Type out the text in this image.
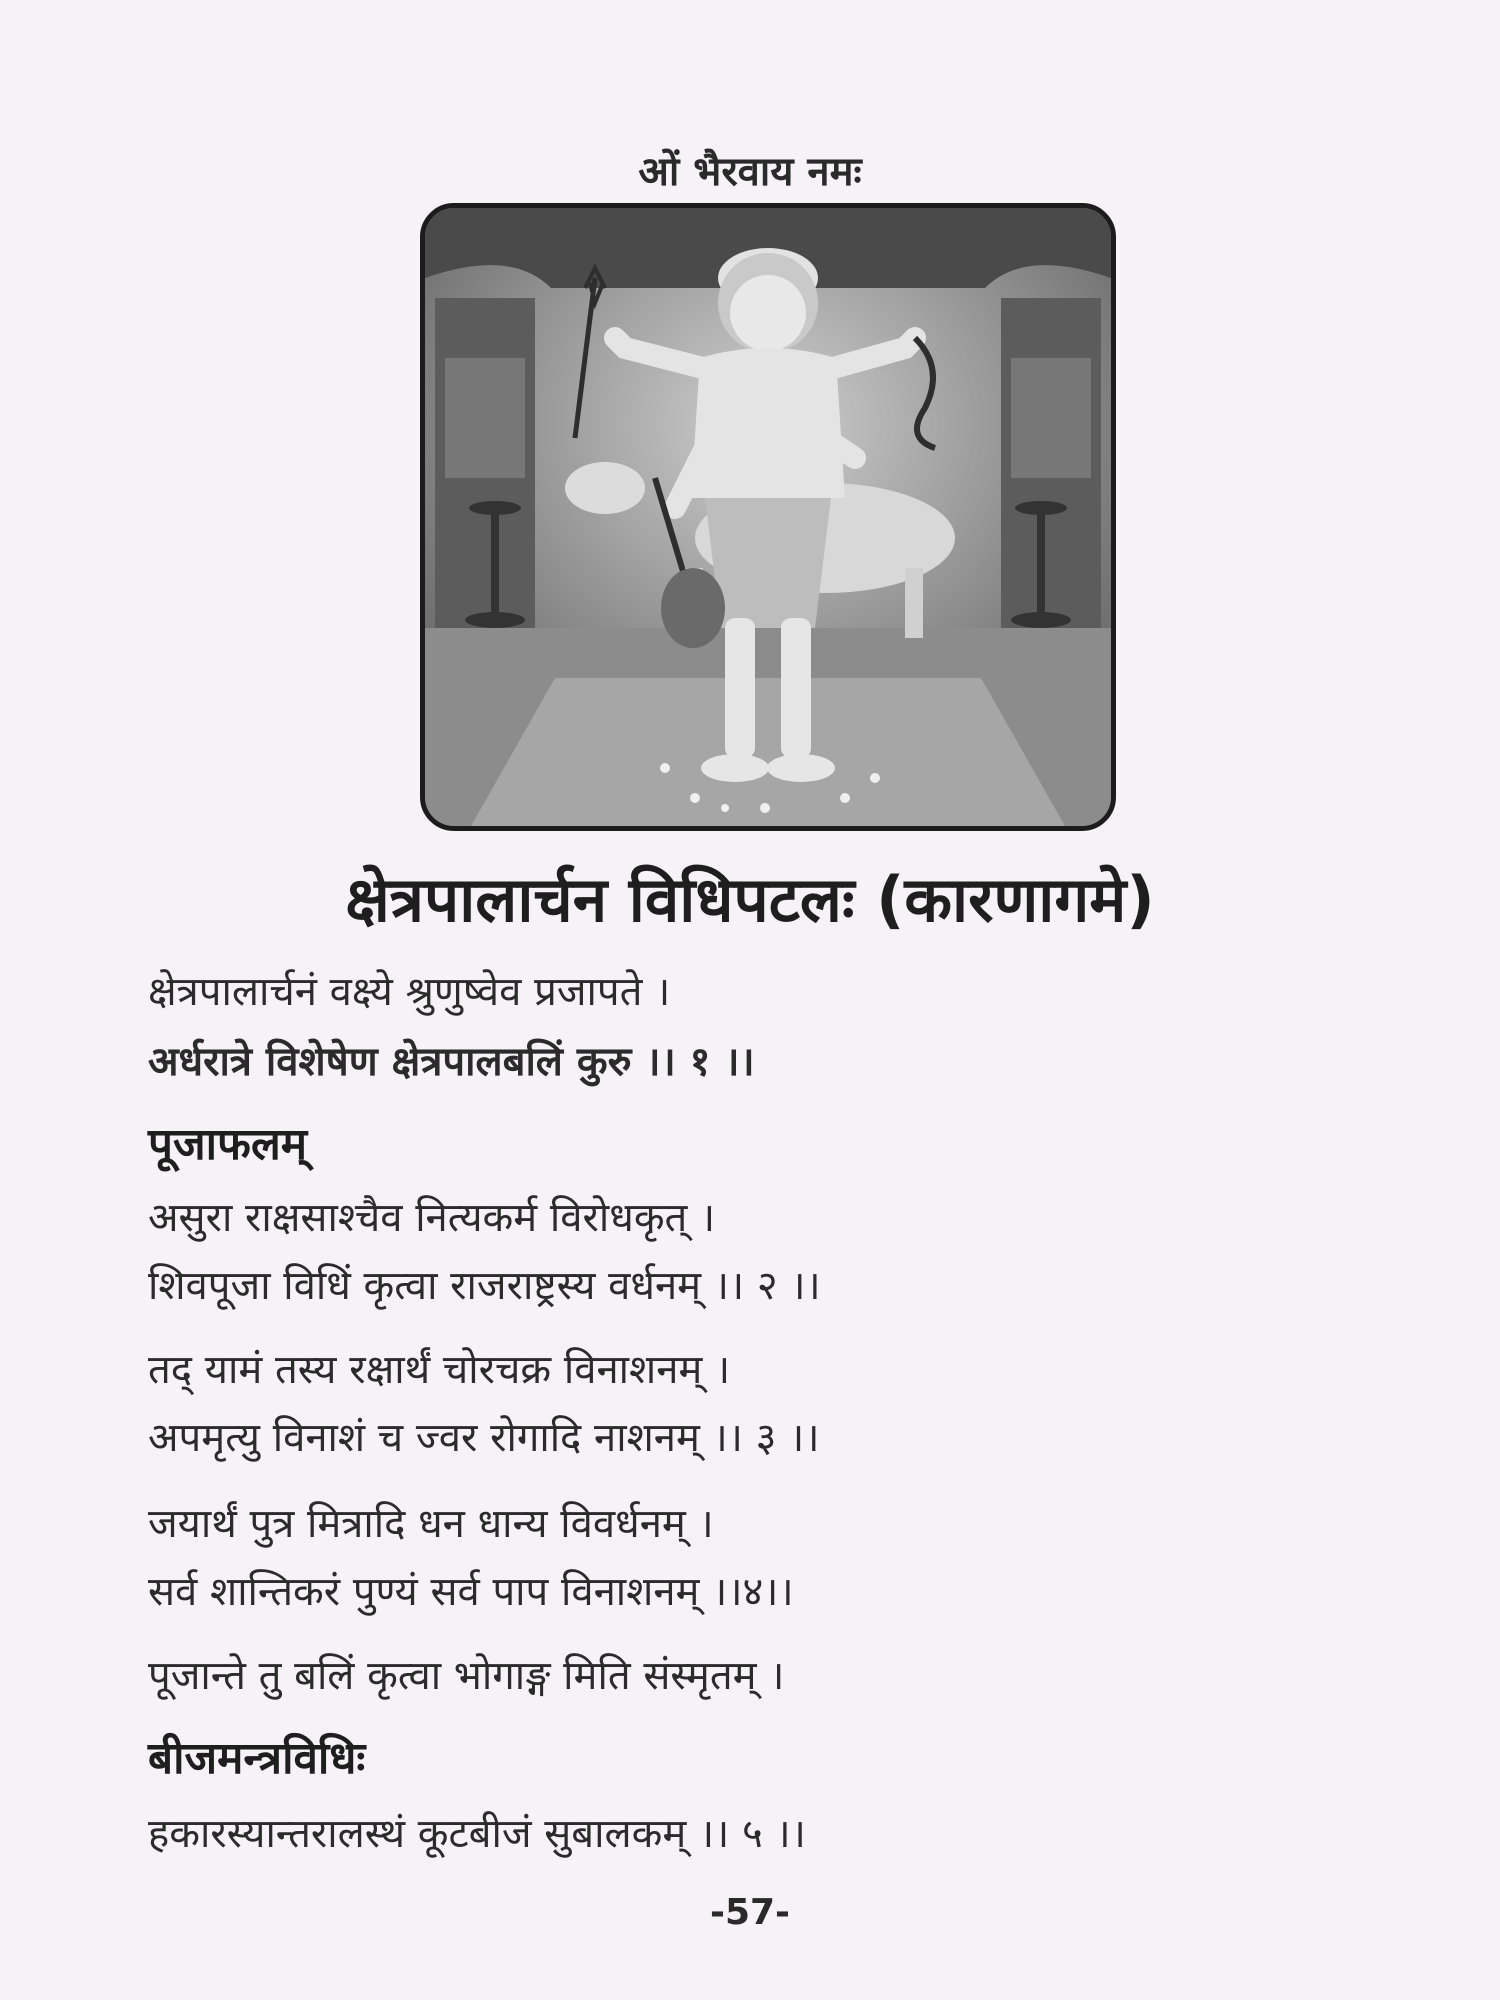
ओं भैरवाय नमः
क्षेत्रपालार्चन विधिपटलः (कारणागमे)
क्षेत्रपालार्चनं वक्ष्ये श्रुणुष्वेव प्रजापते ।
अर्धरात्रे विशेषेण क्षेत्रपालबलिं कुरु ।। १ ।।
पूजाफलम्
असुरा राक्षसाश्चैव नित्यकर्म विरोधकृत् ।
शिवपूजा विधिं कृत्वा राजराष्ट्रस्य वर्धनम् ।। २ ।।
तद् यामं तस्य रक्षार्थं चोरचक्र विनाशनम् ।
अपमृत्यु विनाशं च ज्वर रोगादि नाशनम् ।। ३ ।।
जयार्थं पुत्र मित्रादि धन धान्य विवर्धनम् ।
सर्व शान्तिकरं पुण्यं सर्व पाप विनाशनम् ।।४।।
पूजान्ते तु बलिं कृत्वा भोगाङ्ग मिति संस्मृतम् ।
बीजमन्त्रविधिः
हकारस्यान्तरालस्थं कूटबीजं सुबालकम् ।। ५ ।।
-57-
